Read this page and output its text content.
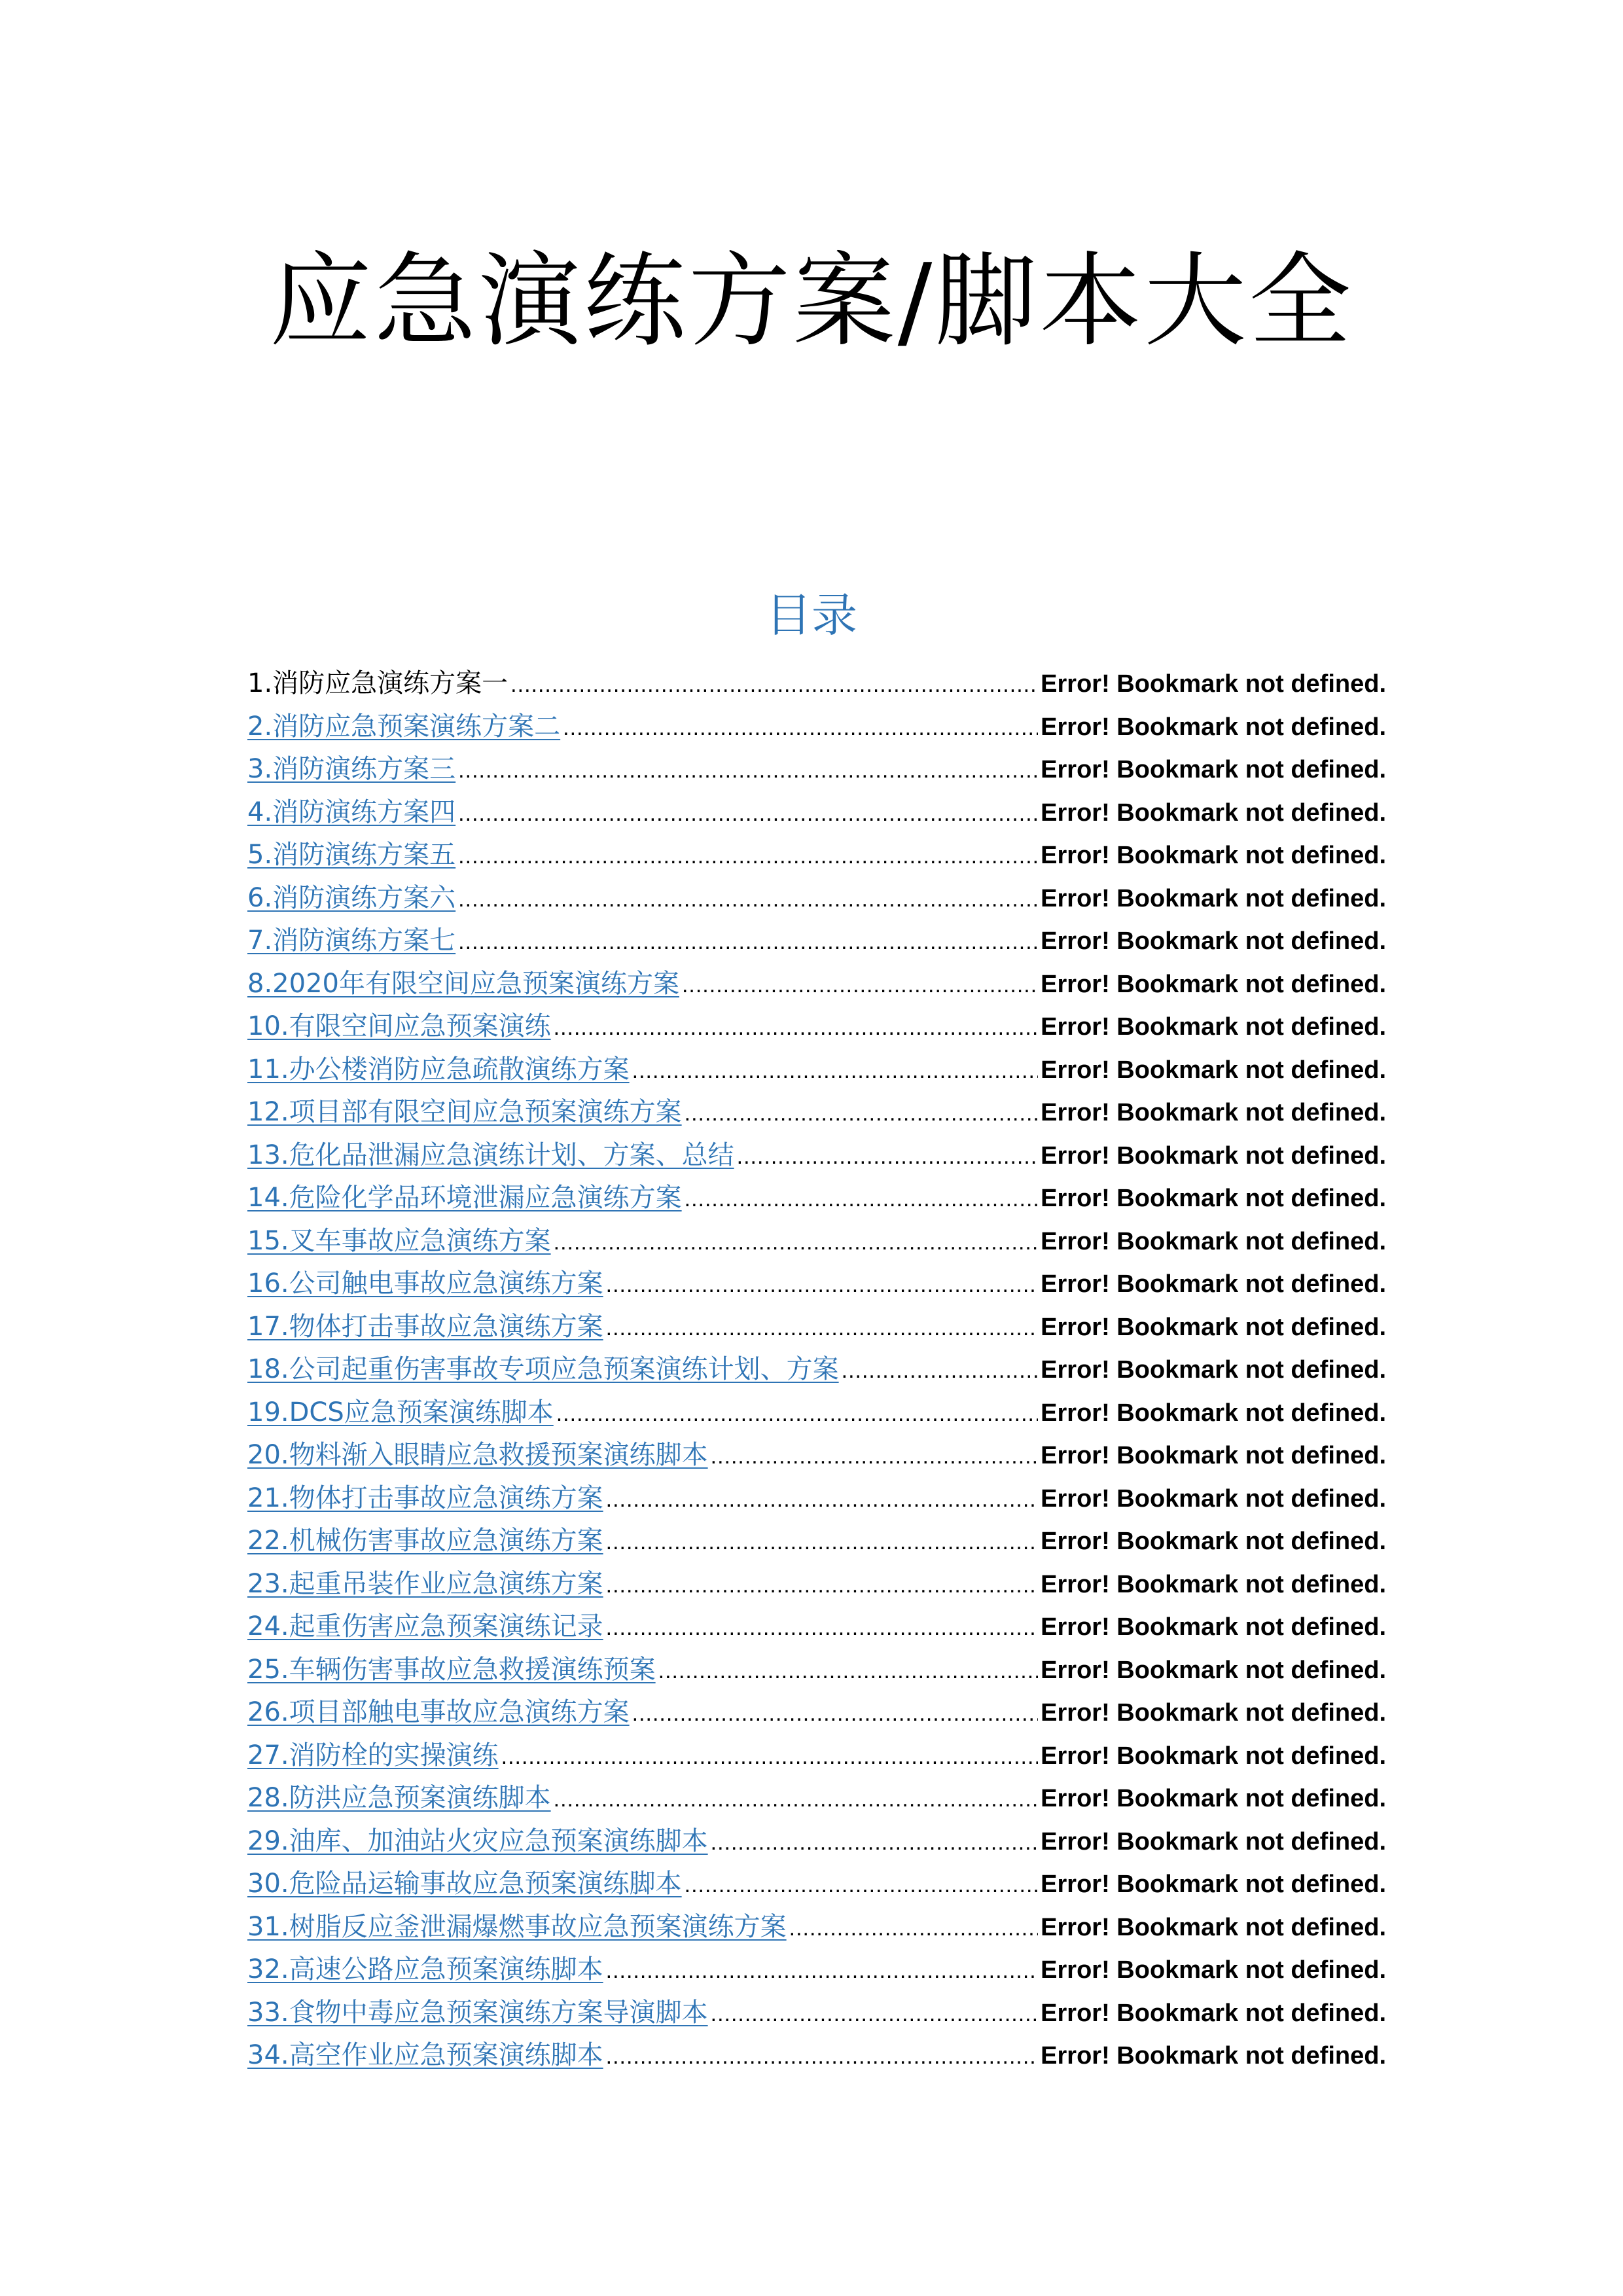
应急演练方案/脚本大全
目录
1.消防应急演练方案一 .....	Error! Bookmark not defined.
2.消防应急预案演练方案二 .....	Error! Bookmark not defined.
3.消防演练方案三 .....	Error! Bookmark not defined.
4.消防演练方案四 .....	Error! Bookmark not defined.
5.消防演练方案五 .....	Error! Bookmark not defined.
6.消防演练方案六 .....	Error! Bookmark not defined.
7.消防演练方案七 .....	Error! Bookmark not defined.
8.2020年有限空间应急预案演练方案 .....	Error! Bookmark not defined.
10.有限空间应急预案演练 .....	Error! Bookmark not defined.
11.办公楼消防应急疏散演练方案 .....	Error! Bookmark not defined.
12.项目部有限空间应急预案演练方案 .....	Error! Bookmark not defined.
13.危化品泄漏应急演练计划、方案、总结 .....	Error! Bookmark not defined.
14.危险化学品环境泄漏应急演练方案 .....	Error! Bookmark not defined.
15.叉车事故应急演练方案 .....	Error! Bookmark not defined.
16.公司触电事故应急演练方案 .....	Error! Bookmark not defined.
17.物体打击事故应急演练方案 .....	Error! Bookmark not defined.
18.公司起重伤害事故专项应急预案演练计划、方案 .....	Error! Bookmark not defined.
19.DCS应急预案演练脚本 .....	Error! Bookmark not defined.
20.物料渐入眼睛应急救援预案演练脚本 .....	Error! Bookmark not defined.
21.物体打击事故应急演练方案 .....	Error! Bookmark not defined.
22.机械伤害事故应急演练方案 .....	Error! Bookmark not defined.
23.起重吊装作业应急演练方案 .....	Error! Bookmark not defined.
24.起重伤害应急预案演练记录 .....	Error! Bookmark not defined.
25.车辆伤害事故应急救援演练预案 .....	Error! Bookmark not defined.
26.项目部触电事故应急演练方案 .....	Error! Bookmark not defined.
27.消防栓的实操演练 .....	Error! Bookmark not defined.
28.防洪应急预案演练脚本 .....	Error! Bookmark not defined.
29.油库、加油站火灾应急预案演练脚本 .....	Error! Bookmark not defined.
30.危险品运输事故应急预案演练脚本 .....	Error! Bookmark not defined.
31.树脂反应釜泄漏爆燃事故应急预案演练方案 .....	Error! Bookmark not defined.
32.高速公路应急预案演练脚本 .....	Error! Bookmark not defined.
33.食物中毒应急预案演练方案导演脚本 .....	Error! Bookmark not defined.
34.高空作业应急预案演练脚本 .....	Error! Bookmark not defined.
